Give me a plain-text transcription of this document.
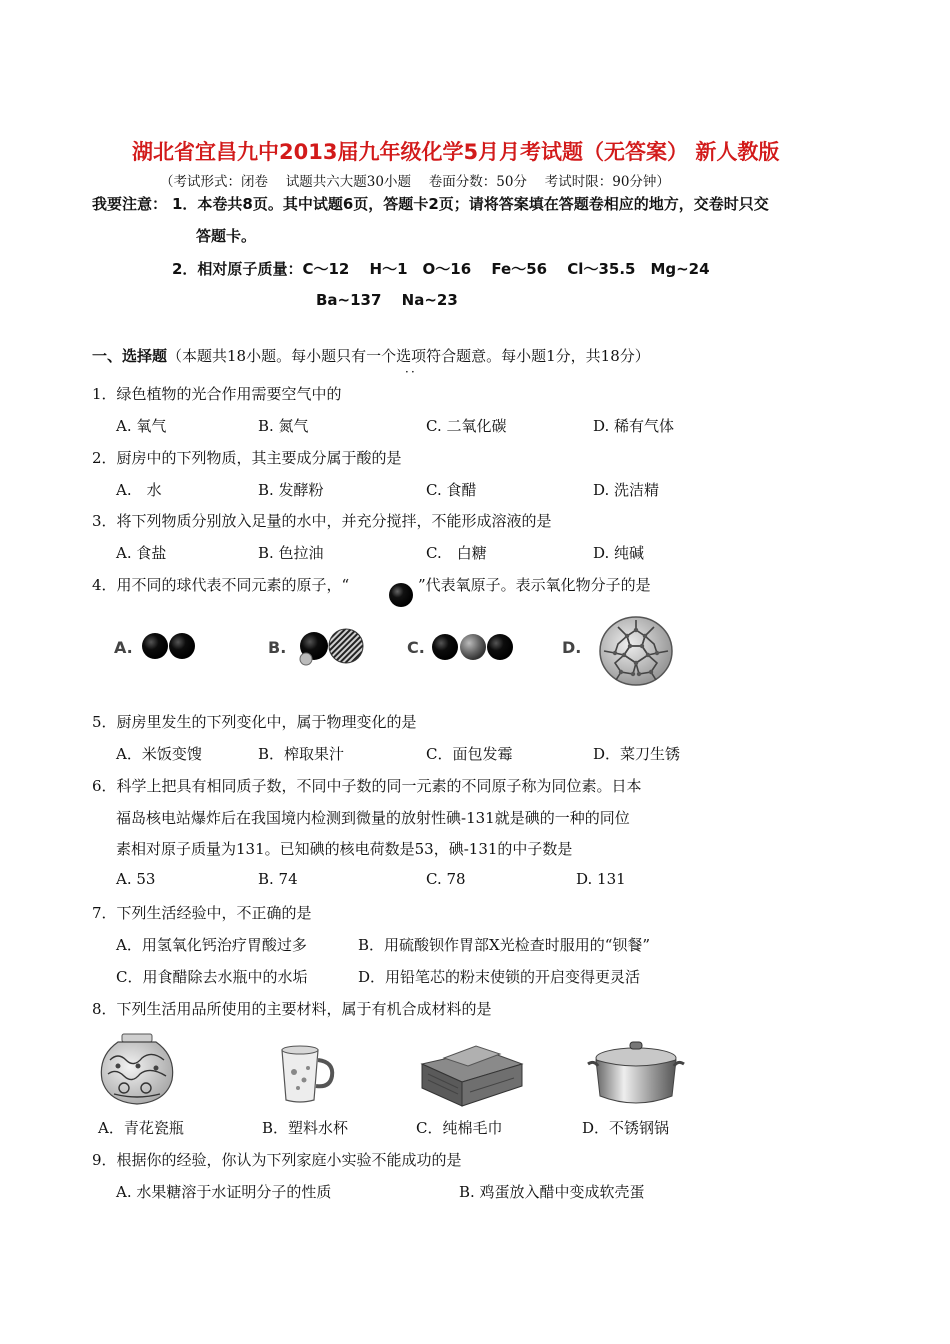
湖北省宜昌九中2013届九年级化学5月月考试题（无答案） 新人教版
（考试形式：闭卷　 试题共六大题30小题　 卷面分数：50分　 考试时限：90分钟）
我要注意： 1．本卷共8页。其中试题6页，答题卡2页；请将答案填在答题卷相应的地方，交卷时只交
答题卡。
2．相对原子质量：C～12　 H～1　O～16　 Fe～56　 Cl～35.5　Mg~24
Ba~137　 Na~23
一、选择题（本题共18小题。每小题只有一个选项符合题意。每小题1分，共18分）
．．
1．绿色植物的光合作用需要空气中的
A. 氧气	B. 氮气	C. 二氧化碳	D. 稀有气体
2．厨房中的下列物质，其主要成分属于酸的是
A.　水	B. 发酵粉	C. 食醋	D. 洗洁精
3．将下列物质分别放入足量的水中，并充分搅拌，不能形成溶液的是
A. 食盐	B. 色拉油	C.　白糖	D. 纯碱
4．用不同的球代表不同元素的原子，“	”代表氧原子。表示氧化物分子的是
A.	B.	C.	D.
5．厨房里发生的下列变化中，属于物理变化的是
A．米饭变馊	B．榨取果汁	C．面包发霉	D．菜刀生锈
6．科学上把具有相同质子数，不同中子数的同一元素的不同原子称为同位素。日本
福岛核电站爆炸后在我国境内检测到微量的放射性碘-131就是碘的一种的同位
素相对原子质量为131。已知碘的核电荷数是53，碘-131的中子数是
A. 53	B. 74	C. 78	D. 131
7．下列生活经验中，不正确的是
A．用氢氧化钙治疗胃酸过多	B．用硫酸钡作胃部X光检查时服用的“钡餐”
C．用食醋除去水瓶中的水垢	D．用铅笔芯的粉末使锁的开启变得更灵活
8．下列生活用品所使用的主要材料，属于有机合成材料的是
A．青花瓷瓶	B．塑料水杯	C．纯棉毛巾	D．不锈钢锅
9．根据你的经验，你认为下列家庭小实验不能成功的是
A. 水果糖溶于水证明分子的性质	B. 鸡蛋放入醋中变成软壳蛋
